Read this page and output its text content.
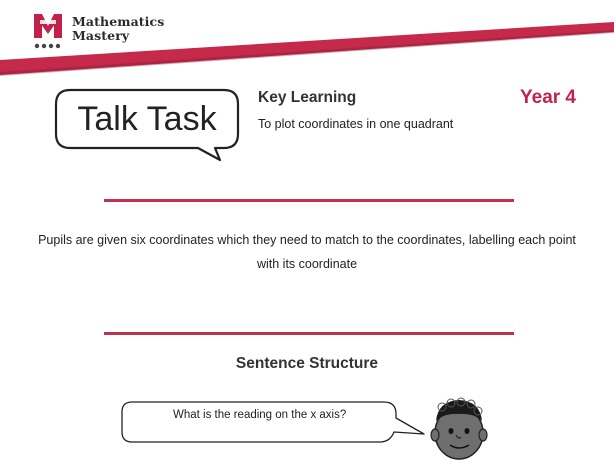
Mathematics
Mastery
Talk Task
Key Learning
To plot coordinates in one quadrant
Year 4
Pupils are given six coordinates which they need to match to the coordinates, labelling each point with its coordinate
Sentence Structure
What is the reading on the x axis?
